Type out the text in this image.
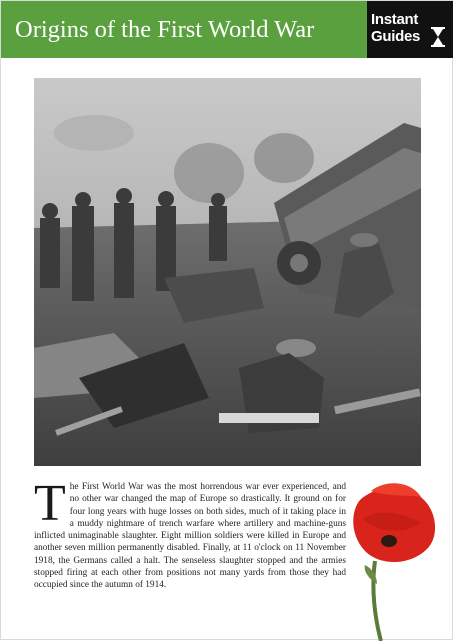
Origins of the First World War	Instant
Guides
T he First World War was the most horrendous war ever experienced, and no other war changed the map of Europe so drastically. It ground on for four long years with huge losses on both sides, much of it taking place in a muddy nightmare of trench warfare where artillery and machine-guns inflicted unimaginable slaughter. Eight million soldiers were killed in Europe and another seven million permanently disabled. Finally, at 11 o'clock on 11 November 1918, the Germans called a halt. The senseless slaughter stopped and the armies stopped firing at each other from positions not many yards from those they had occupied since the autumn of 1914.
